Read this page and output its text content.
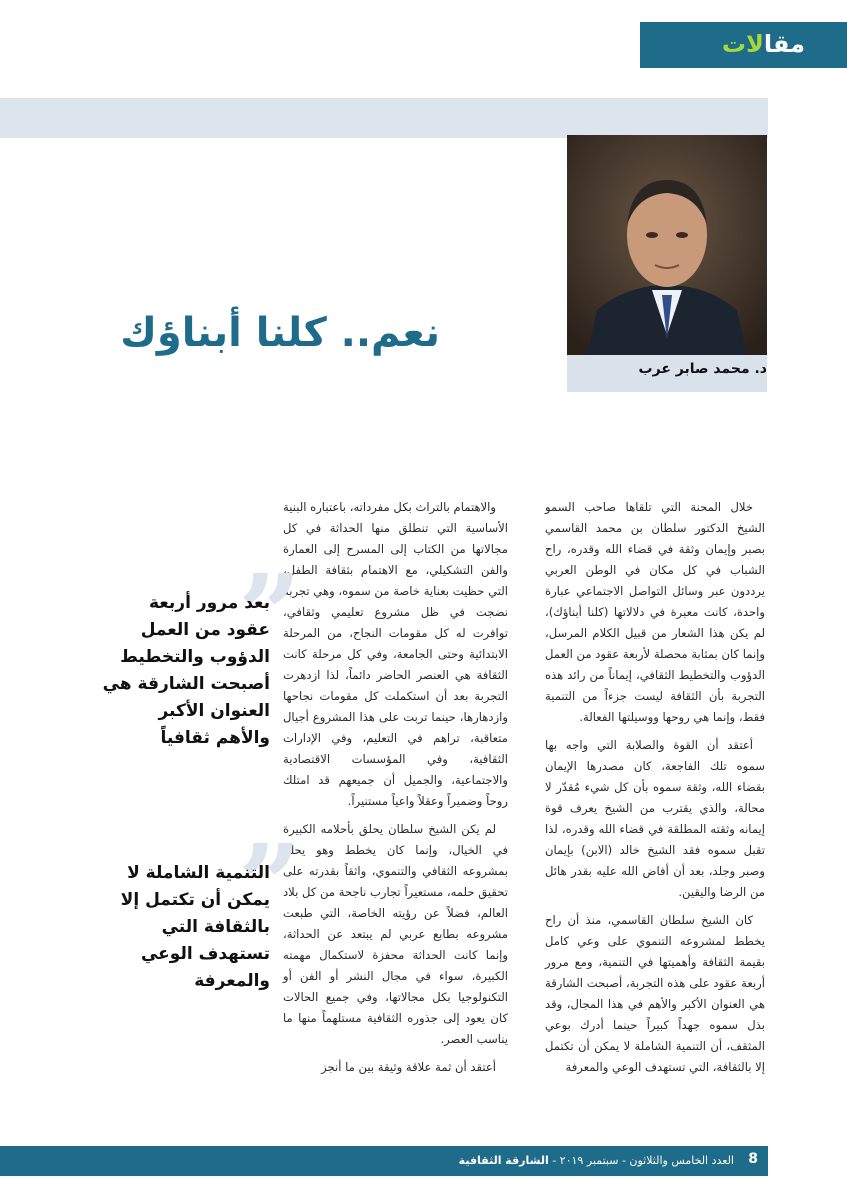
مقالات
د. محمد صابر عرب
نعم.. كلنا أبناؤك

خلال المحنة التي تلقاها صاحب السمو الشيخ الدكتور سلطان بن محمد القاسمي بصبر وإيمان وثقة في قضاء الله وقدره، راح الشباب في كل مكان في الوطن العربي يرددون عبر وسائل التواصل الاجتماعي عبارة واحدة، كانت معبرة في دلالاتها (كلنا أبناؤك)، لم يكن هذا الشعار من قبيل الكلام المرسل، وإنما كان بمثابة محصلة لأربعة عقود من العمل الدؤوب والتخطيط الثقافي، إيماناً من رائد هذه التجربة بأن الثقافة ليست جزءاً من التنمية فقط، وإنما هي روحها ووسيلتها الفعالة.

أعتقد أن القوة والصلابة التي واجه بها سموه تلك الفاجعة، كان مصدرها الإيمان بقضاء الله، وثقة سموه بأن كل شيء مُقدّر لا محالة، والذي يقترب من الشيخ يعرف قوة إيمانه وثقته المطلقة في قضاء الله وقدره، لذا تقبل سموه فقد الشيخ خالد (الابن) بإيمان وصبر وجلد، بعد أن أفاض الله عليه بقدر هائل من الرضا واليقين.

كان الشيخ سلطان القاسمي، منذ أن راح يخطط لمشروعه التنموي على وعي كامل بقيمة الثقافة وأهميتها في التنمية، ومع مرور أربعة عقود على هذه التجربة، أصبحت الشارقة هي العنوان الأكبر والأهم في هذا المجال، وقد بذل سموه جهداً كبيراً حينما أدرك بوعي المثقف، أن التنمية الشاملة لا يمكن أن تكتمل إلا بالثقافة، التي تستهدف الوعي والمعرفة

والاهتمام بالتراث بكل مفرداته، باعتباره البنية الأساسية التي تنطلق منها الحداثة في كل مجالاتها من الكتاب إلى المسرح إلى العمارة والفن التشكيلي، مع الاهتمام بثقافة الطفل، التي حظيت بعناية خاصة من سموه، وهي تجربة نضجت في ظل مشروع تعليمي وثقافي، توافرت له كل مقومات النجاح، من المرحلة الابتدائية وحتى الجامعة، وفي كل مرحلة كانت الثقافة هي العنصر الحاضر دائماً، لذا ازدهرت التجربة بعد أن استكملت كل مقومات نجاحها وازدهارها، حينما تربت على هذا المشروع أجيال متعاقبة، تراهم في التعليم، وفي الإدارات الثقافية، وفي المؤسسات الاقتصادية والاجتماعية، والجميل أن جميعهم قد امتلك روحاً وضميراً وعقلاً واعياً مستنيراً.

لم يكن الشيخ سلطان يحلق بأحلامه الكبيرة في الخيال، وإنما كان يخطط وهو يحلم بمشروعه الثقافي والتنموي، واثقاً بقدرته على تحقيق حلمه، مستعيراً تجارب ناجحة من كل بلاد العالم، فضلاً عن رؤيته الخاصة، التي طبعت مشروعه بطابع عربي لم يبتعد عن الحداثة، وإنما كانت الحداثة محفزة لاستكمال مهمته الكبيرة، سواء في مجال النشر أو الفن أو التكنولوجيا بكل مجالاتها، وفي جميع الحالات كان يعود إلى جذوره الثقافية مستلهماً منها ما يناسب العصر.

أعتقد أن ثمة علاقة وثيقة بين ما أنجز

”
بعد مرور أربعة عقود من العمل الدؤوب والتخطيط أصبحت الشارقة هي العنوان الأكبر والأهم ثقافياً
”
التنمية الشاملة لا يمكن أن تكتمل إلا بالثقافة التي تستهدف الوعي والمعرفة
8
العدد الخامس والثلاثون - سبتمبر ٢٠١٩ - الشارقة الثقافية
